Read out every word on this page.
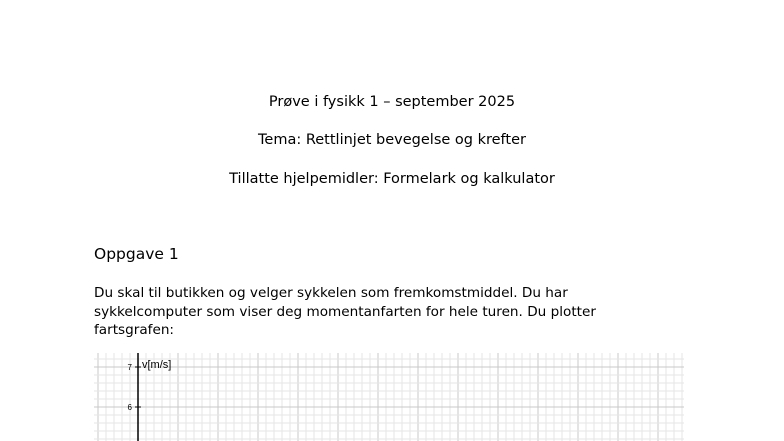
Prøve i fysikk 1 – september 2025
Tema: Rettlinjet bevegelse og krefter
Tillatte hjelpemidler: Formelark og kalkulator
Oppgave 1
Du skal til butikken og velger sykkelen som fremkomstmiddel. Du har
sykkelcomputer som viser deg momentanfarten for hele turen. Du plotter
fartsgrafen:
6
7 v[m/s]
